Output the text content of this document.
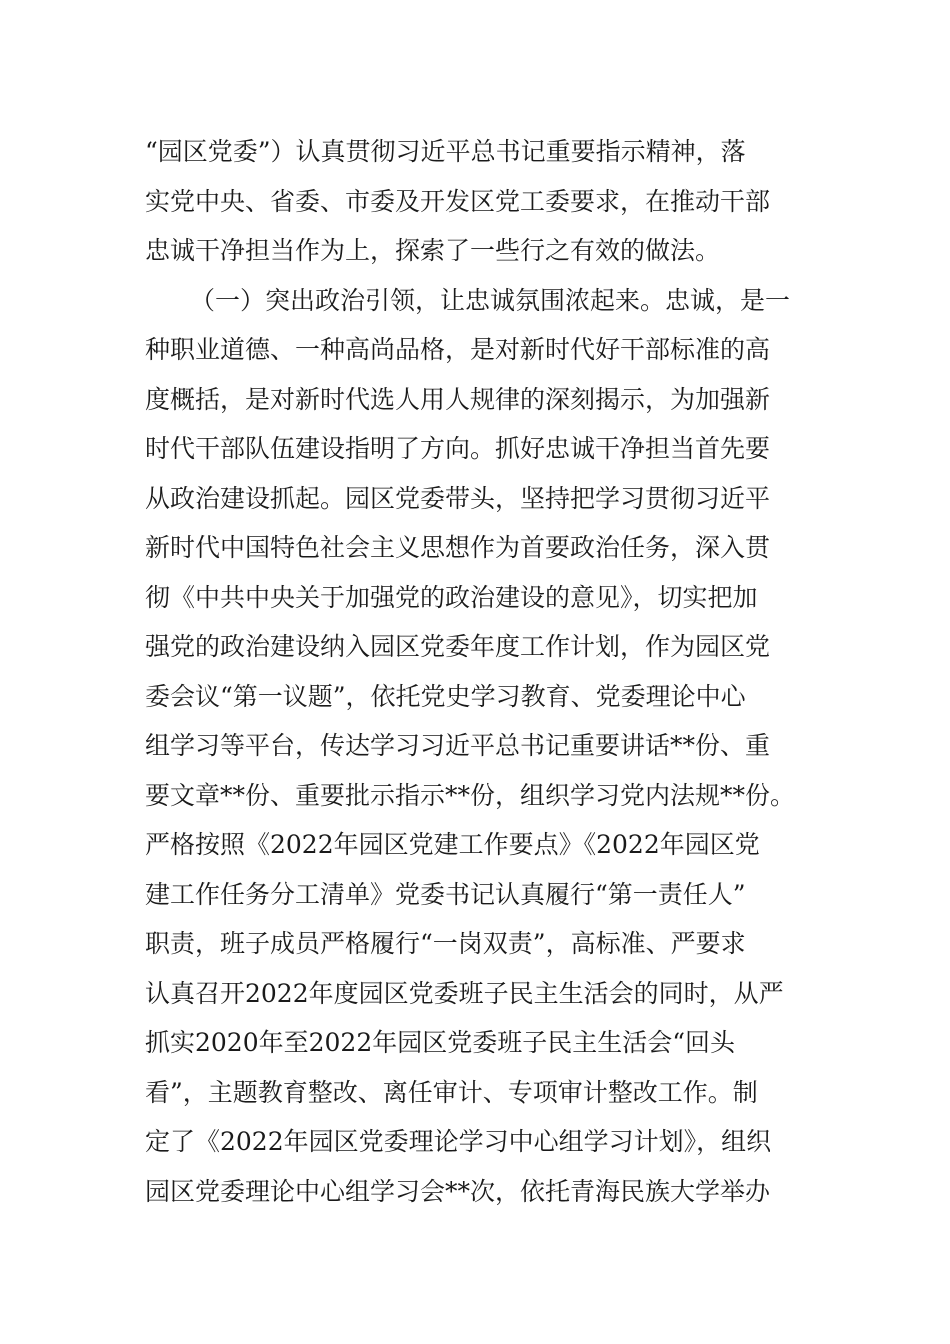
“园区党委”）认真贯彻习近平总书记重要指示精神，落
实党中央、省委、市委及开发区党工委要求，在推动干部
忠诚干净担当作为上，探索了一些行之有效的做法。
（一）突出政治引领，让忠诚氛围浓起来。忠诚，是一
种职业道德、一种高尚品格，是对新时代好干部标准的高
度概括，是对新时代选人用人规律的深刻揭示，为加强新
时代干部队伍建设指明了方向。抓好忠诚干净担当首先要
从政治建设抓起。园区党委带头，坚持把学习贯彻习近平
新时代中国特色社会主义思想作为首要政治任务，深入贯
彻《中共中央关于加强党的政治建设的意见》，切实把加
强党的政治建设纳入园区党委年度工作计划，作为园区党
委会议“第一议题”，依托党史学习教育、党委理论中心
组学习等平台，传达学习习近平总书记重要讲话**份、重
要文章**份、重要批示指示**份，组织学习党内法规**份。
严格按照《2022年园区党建工作要点》《2022年园区党
建工作任务分工清单》党委书记认真履行“第一责任人”
职责，班子成员严格履行“一岗双责”，高标准、严要求
认真召开2022年度园区党委班子民主生活会的同时，从严
抓实2020年至2022年园区党委班子民主生活会“回头
看”，主题教育整改、离任审计、专项审计整改工作。制
定了《2022年园区党委理论学习中心组学习计划》，组织
园区党委理论中心组学习会**次，依托青海民族大学举办
